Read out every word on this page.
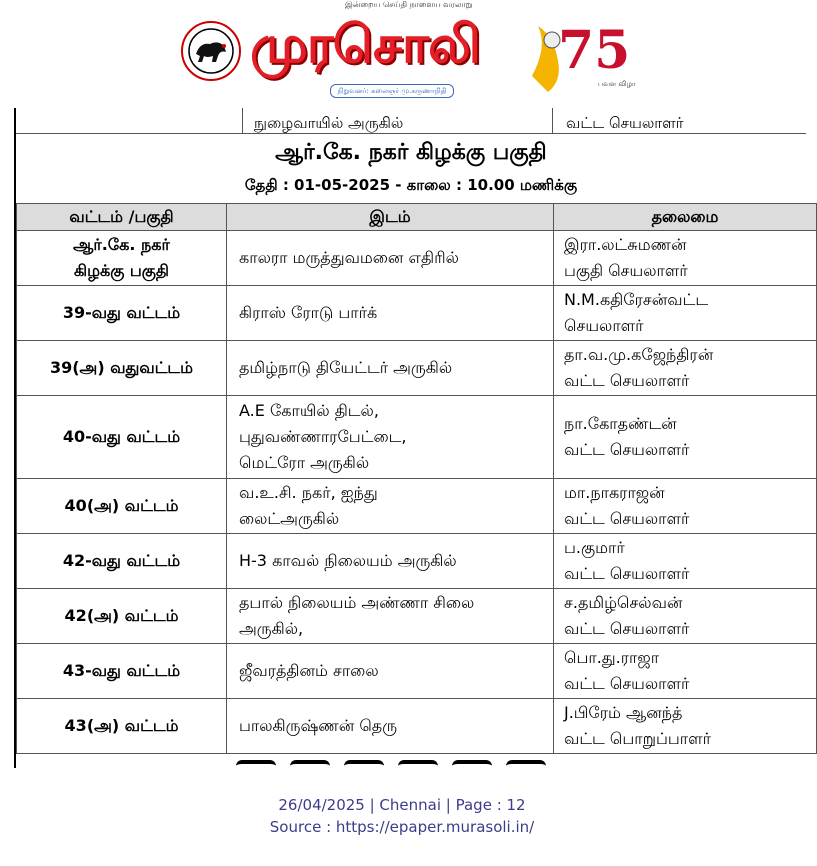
இன்றைய செய்தி நாளைய வரலாறு
முரசொலி
நிறுவனர்: கலைஞர் மு.கருணாநிதி
75
பவள விழா
நுழைவாயில் அருகில்	வட்ட செயலாளர்
ஆர்.கே. நகர் கிழக்கு பகுதி
தேதி : 01-05-2025 - காலை : 10.00 மணிக்கு
வட்டம் /பகுதி	இடம்	தலைமை

ஆர்.கே. நகர்
கிழக்கு பகுதி	காலரா மருத்துவமனை எதிரில்	இரா.லட்சுமணன்
பகுதி செயலாளர்

39-வது வட்டம்	கிராஸ் ரோடு பார்க்	N.M.கதிரேசன்வட்ட
செயலாளர்

39(அ) வதுவட்டம்	தமிழ்நாடு தியேட்டர் அருகில்	தா.வ.மு.கஜேந்திரன்
வட்ட செயலாளர்

40-வது வட்டம்	A.E கோயில் திடல்,
புதுவண்ணாரபேட்டை,
மெட்ரோ அருகில்	நா.கோதண்டன்
வட்ட செயலாளர்

40(அ) வட்டம்	வ.உ.சி. நகர், ஐந்து
லைட்அருகில்	மா.நாகராஜன்
வட்ட செயலாளர்

42-வது வட்டம்	H-3 காவல் நிலையம் அருகில்	ப.குமார்
வட்ட செயலாளர்

42(அ) வட்டம்	தபால் நிலையம் அண்ணா சிலை
அருகில்,	ச.தமிழ்செல்வன்
வட்ட செயலாளர்

43-வது வட்டம்	ஜீவரத்தினம் சாலை	பொ.து.ராஜா
வட்ட செயலாளர்

43(அ) வட்டம்	பாலகிருஷ்ணன் தெரு	J.பிரேம் ஆனந்த்
வட்ட பொறுப்பாளர்
26/04/2025 | Chennai | Page : 12
Source : https://epaper.murasoli.in/
